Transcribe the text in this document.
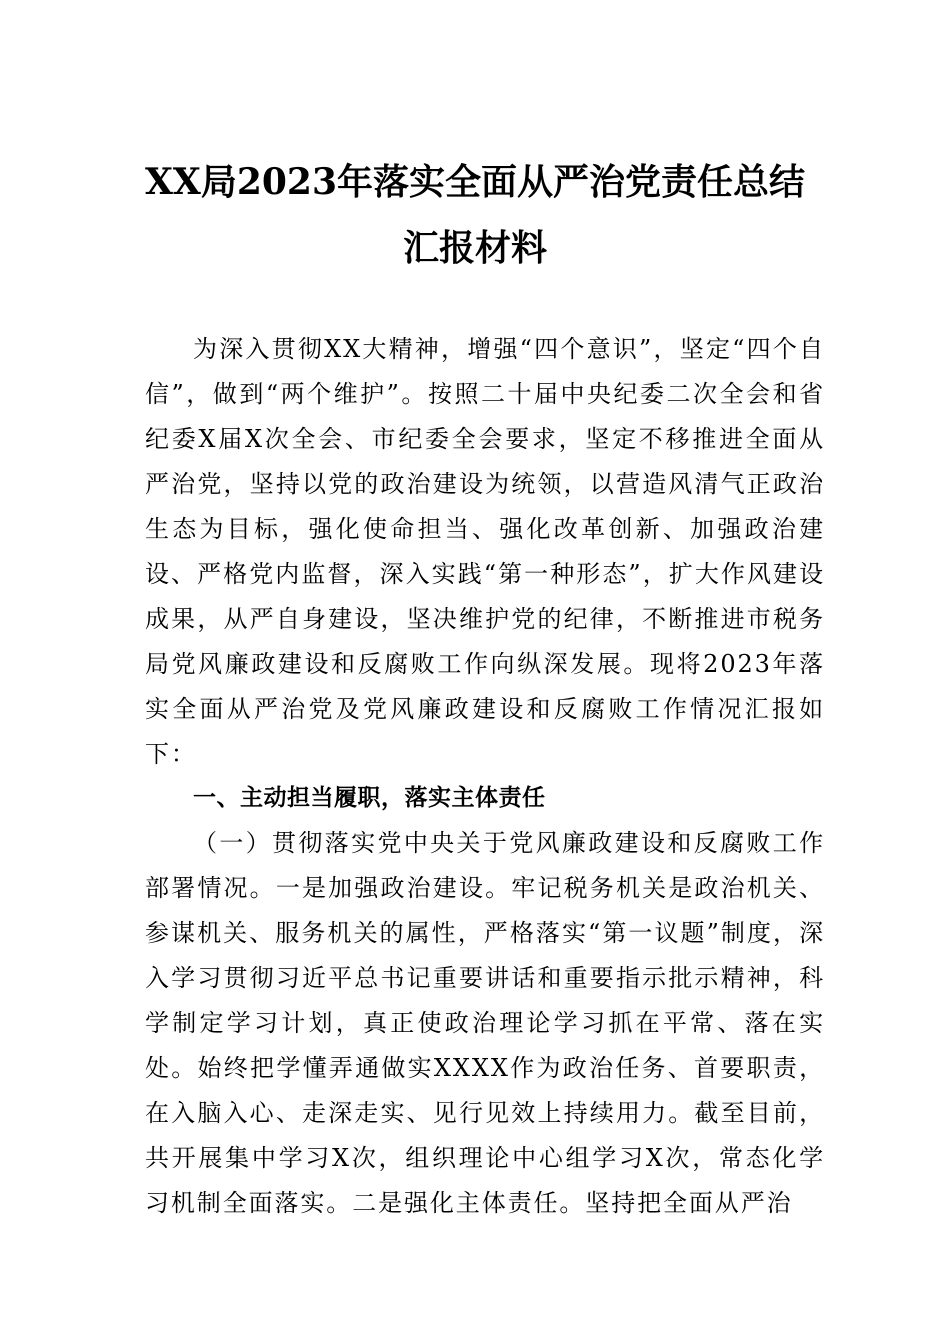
XX局2023年落实全面从严治党责任总结
汇报材料
为深入贯彻XX大精神，增强“四个意识”，坚定“四个自信”，做到“两个维护”。按照二十届中央纪委二次全会和省纪委X届X次全会、市纪委全会要求，坚定不移推进全面从严治党，坚持以党的政治建设为统领，以营造风清气正政治生态为目标，强化使命担当、强化改革创新、加强政治建设、严格党内监督，深入实践“第一种形态”，扩大作风建设成果，从严自身建设，坚决维护党的纪律，不断推进市税务局党风廉政建设和反腐败工作向纵深发展。现将2023年落实全面从严治党及党风廉政建设和反腐败工作情况汇报如下：
一、主动担当履职，落实主体责任
（一）贯彻落实党中央关于党风廉政建设和反腐败工作部署情况。一是加强政治建设。牢记税务机关是政治机关、参谋机关、服务机关的属性，严格落实“第一议题”制度，深入学习贯彻习近平总书记重要讲话和重要指示批示精神，科学制定学习计划，真正使政治理论学习抓在平常、落在实处。始终把学懂弄通做实XXXX作为政治任务、首要职责，在入脑入心、走深走实、见行见效上持续用力。截至目前，共开展集中学习X次，组织理论中心组学习X次，常态化学习机制全面落实。二是强化主体责任。坚持把全面从严治
